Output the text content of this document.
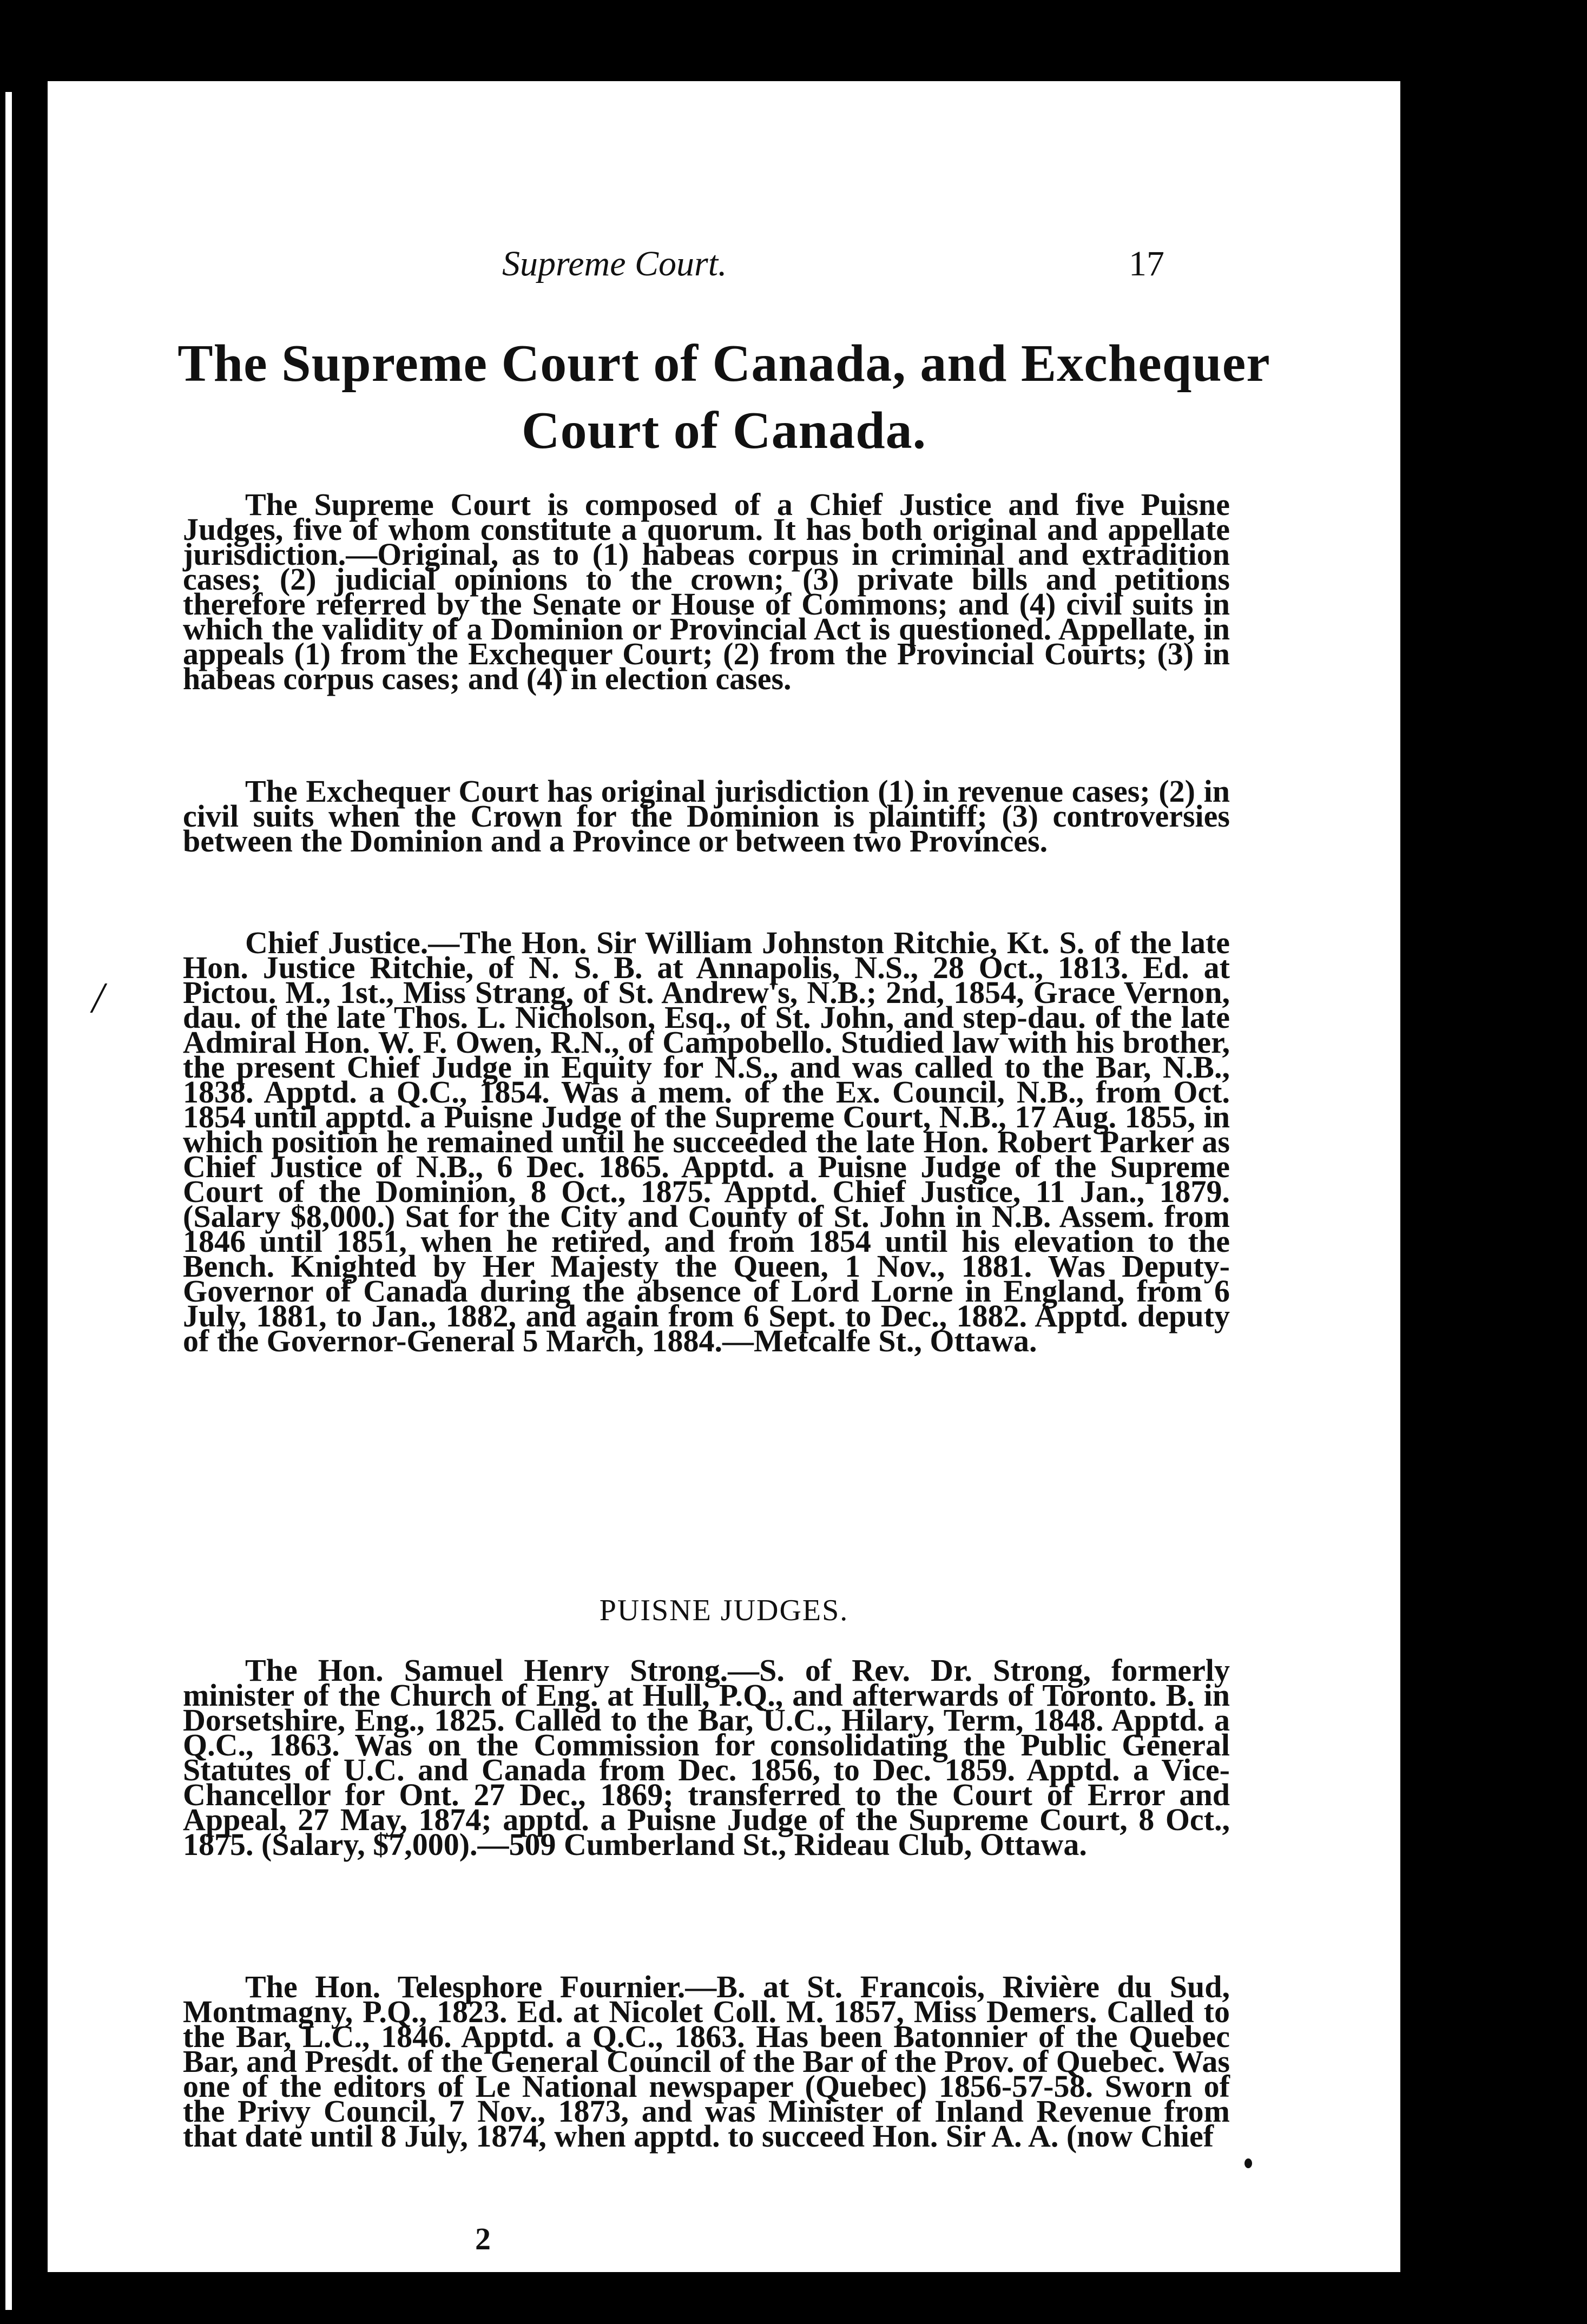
Supreme Court.	17
The Supreme Court of Canada, and Exchequer
Court of Canada.

The Supreme Court is composed of a Chief Justice and five Puisne Judges, five of whom constitute a quorum. It has both original and appellate jurisdiction.—Original, as to (1) habeas corpus in criminal and extradition cases; (2) judicial opinions to the crown; (3) private bills and petitions therefore referred by the Senate or House of Commons; and (4) civil suits in which the validity of a Dominion or Provincial Act is questioned. Appellate, in appeals (1) from the Exchequer Court; (2) from the Provincial Courts; (3) in habeas corpus cases; and (4) in election cases.

The Exchequer Court has original jurisdiction (1) in revenue cases; (2) in civil suits when the Crown for the Dominion is plaintiff; (3) controversies between the Dominion and a Province or between two Provinces.

/

Chief Justice.—The Hon. Sir William Johnston Ritchie, Kt. S. of the late Hon. Justice Ritchie, of N. S. B. at Annapolis, N.S., 28 Oct., 1813. Ed. at Pictou. M., 1st., Miss Strang, of St. Andrew's, N.B.; 2nd, 1854, Grace Vernon, dau. of the late Thos. L. Nicholson, Esq., of St. John, and step-dau. of the late Admiral Hon. W. F. Owen, R.N., of Campobello. Studied law with his brother, the present Chief Judge in Equity for N.S., and was called to the Bar, N.B., 1838. Apptd. a Q.C., 1854. Was a mem. of the Ex. Council, N.B., from Oct. 1854 until apptd. a Puisne Judge of the Supreme Court, N.B., 17 Aug. 1855, in which position he remained until he succeeded the late Hon. Robert Parker as Chief Justice of N.B., 6 Dec. 1865. Apptd. a Puisne Judge of the Supreme Court of the Dominion, 8 Oct., 1875. Apptd. Chief Justice, 11 Jan., 1879. (Salary $8,000.) Sat for the City and County of St. John in N.B. Assem. from 1846 until 1851, when he retired, and from 1854 until his elevation to the Bench. Knighted by Her Majesty the Queen, 1 Nov., 1881. Was Deputy-Governor of Canada during the absence of Lord Lorne in England, from 6 July, 1881, to Jan., 1882, and again from 6 Sept. to Dec., 1882. Apptd. deputy of the Governor-General 5 March, 1884.—Metcalfe St., Ottawa.

PUISNE JUDGES.

The Hon. Samuel Henry Strong.—S. of Rev. Dr. Strong, formerly minister of the Church of Eng. at Hull, P.Q., and afterwards of Toronto. B. in Dorsetshire, Eng., 1825. Called to the Bar, U.C., Hilary, Term, 1848. Apptd. a Q.C., 1863. Was on the Commission for consolidating the Public General Statutes of U.C. and Canada from Dec. 1856, to Dec. 1859. Apptd. a Vice-Chancellor for Ont. 27 Dec., 1869; transferred to the Court of Error and Appeal, 27 May, 1874; apptd. a Puisne Judge of the Supreme Court, 8 Oct., 1875. (Salary, $7,000).—509 Cumberland St., Rideau Club, Ottawa.

The Hon. Telesphore Fournier.—B. at St. Francois, Rivière du Sud, Montmagny, P.Q., 1823. Ed. at Nicolet Coll. M. 1857, Miss Demers. Called to the Bar, L.C., 1846. Apptd. a Q.C., 1863. Has been Batonnier of the Quebec Bar, and Presdt. of the General Council of the Bar of the Prov. of Quebec. Was one of the editors of Le National newspaper (Quebec) 1856-57-58. Sworn of the Privy Council, 7 Nov., 1873, and was Minister of Inland Revenue from that date until 8 July, 1874, when apptd. to succeed Hon. Sir A. A. (now Chief

2
